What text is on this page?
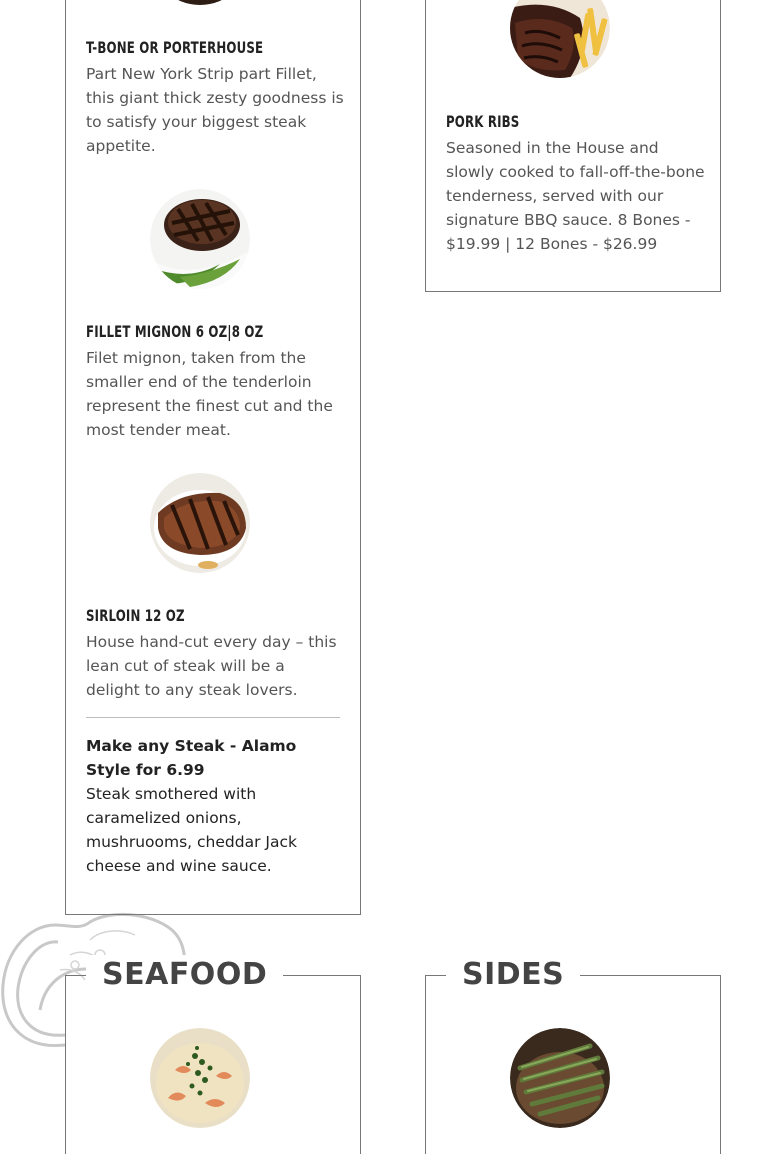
T-BONE OR PORTERHOUSE
Part New York Strip part Fillet, this giant thick zesty goodness is to satisfy your biggest steak appetite.
FILLET MIGNON 6 OZ|8 OZ
Filet mignon, taken from the smaller end of the tenderloin represent the finest cut and the most tender meat.
SIRLOIN 12 OZ
House hand-cut every day – this lean cut of steak will be a delight to any steak lovers.
Make any Steak - Alamo Style for 6.99
Steak smothered with caramelized onions, mushruooms, cheddar Jack cheese and wine sauce.
PORK RIBS
Seasoned in the House and slowly cooked to fall-off-the-bone tenderness, served with our signature BBQ sauce. 8 Bones - $19.99 | 12 Bones - $26.99
SEAFOOD	SIDES
